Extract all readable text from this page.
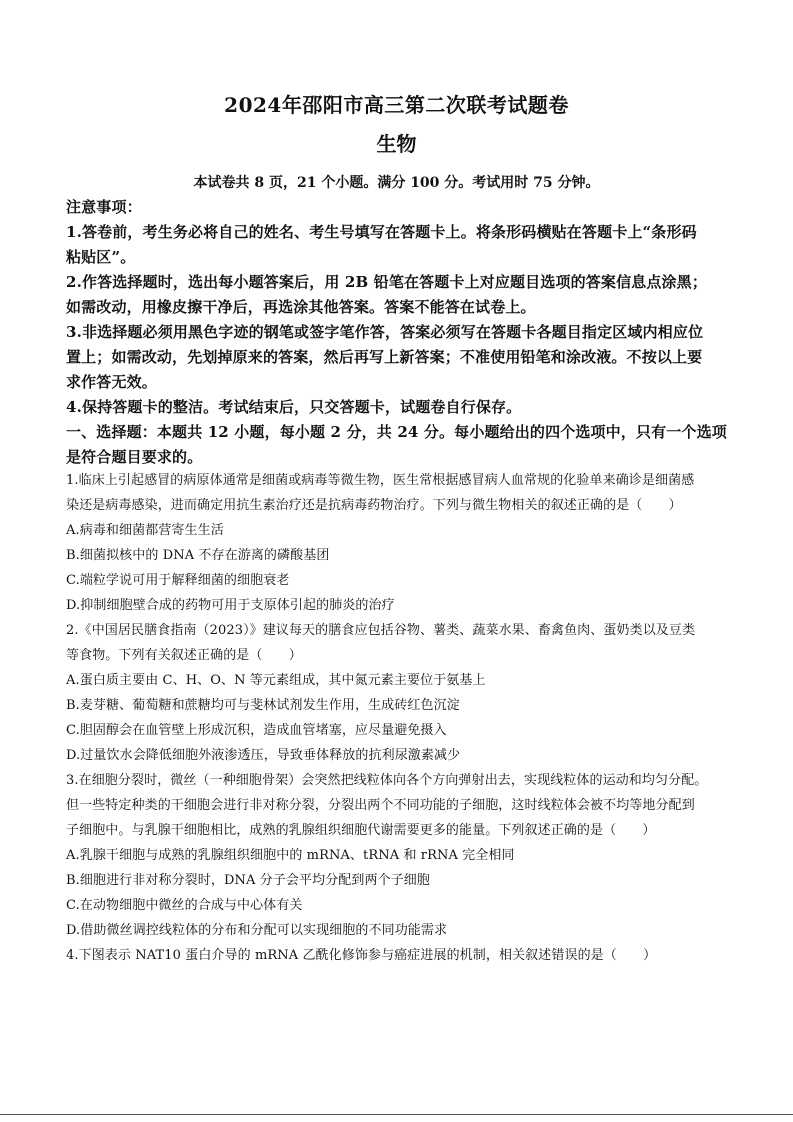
2024年邵阳市高三第二次联考试题卷
生物
本试卷共 8 页，21 个小题。满分 100 分。考试用时 75 分钟。
注意事项：
1.答卷前，考生务必将自己的姓名、考生号填写在答题卡上。将条形码横贴在答题卡上“条形码
粘贴区”。
2.作答选择题时，选出每小题答案后，用 2B 铅笔在答题卡上对应题目选项的答案信息点涂黑；
如需改动，用橡皮擦干净后，再选涂其他答案。答案不能答在试卷上。
3.非选择题必须用黑色字迹的钢笔或签字笔作答，答案必须写在答题卡各题目指定区域内相应位
置上；如需改动，先划掉原来的答案，然后再写上新答案；不准使用铅笔和涂改液。不按以上要
求作答无效。
4.保持答题卡的整洁。考试结束后，只交答题卡，试题卷自行保存。
一、选择题：本题共 12 小题，每小题 2 分，共 24 分。每小题给出的四个选项中，只有一个选项
是符合题目要求的。
1.临床上引起感冒的病原体通常是细菌或病毒等微生物，医生常根据感冒病人血常规的化验单来确诊是细菌感
染还是病毒感染，进而确定用抗生素治疗还是抗病毒药物治疗。下列与微生物相关的叙述正确的是（　　）
A.病毒和细菌都营寄生生活
B.细菌拟核中的 DNA 不存在游离的磷酸基团
C.端粒学说可用于解释细菌的细胞衰老
D.抑制细胞壁合成的药物可用于支原体引起的肺炎的治疗
2.《中国居民膳食指南（2023）》建议每天的膳食应包括谷物、薯类、蔬菜水果、畜禽鱼肉、蛋奶类以及豆类
等食物。下列有关叙述正确的是（　　）
A.蛋白质主要由 C、H、O、N 等元素组成，其中氮元素主要位于氨基上
B.麦芽糖、葡萄糖和蔗糖均可与斐林试剂发生作用，生成砖红色沉淀
C.胆固醇会在血管壁上形成沉积，造成血管堵塞，应尽量避免摄入
D.过量饮水会降低细胞外液渗透压，导致垂体释放的抗利尿激素减少
3.在细胞分裂时，微丝（一种细胞骨架）会突然把线粒体向各个方向弹射出去，实现线粒体的运动和均匀分配。
但一些特定种类的干细胞会进行非对称分裂，分裂出两个不同功能的子细胞，这时线粒体会被不均等地分配到
子细胞中。与乳腺干细胞相比，成熟的乳腺组织细胞代谢需要更多的能量。下列叙述正确的是（　　）
A.乳腺干细胞与成熟的乳腺组织细胞中的 mRNA、tRNA 和 rRNA 完全相同
B.细胞进行非对称分裂时，DNA 分子会平均分配到两个子细胞
C.在动物细胞中微丝的合成与中心体有关
D.借助微丝调控线粒体的分布和分配可以实现细胞的不同功能需求
4.下图表示 NAT10 蛋白介导的 mRNA 乙酰化修饰参与癌症进展的机制，相关叙述错误的是（　　）
